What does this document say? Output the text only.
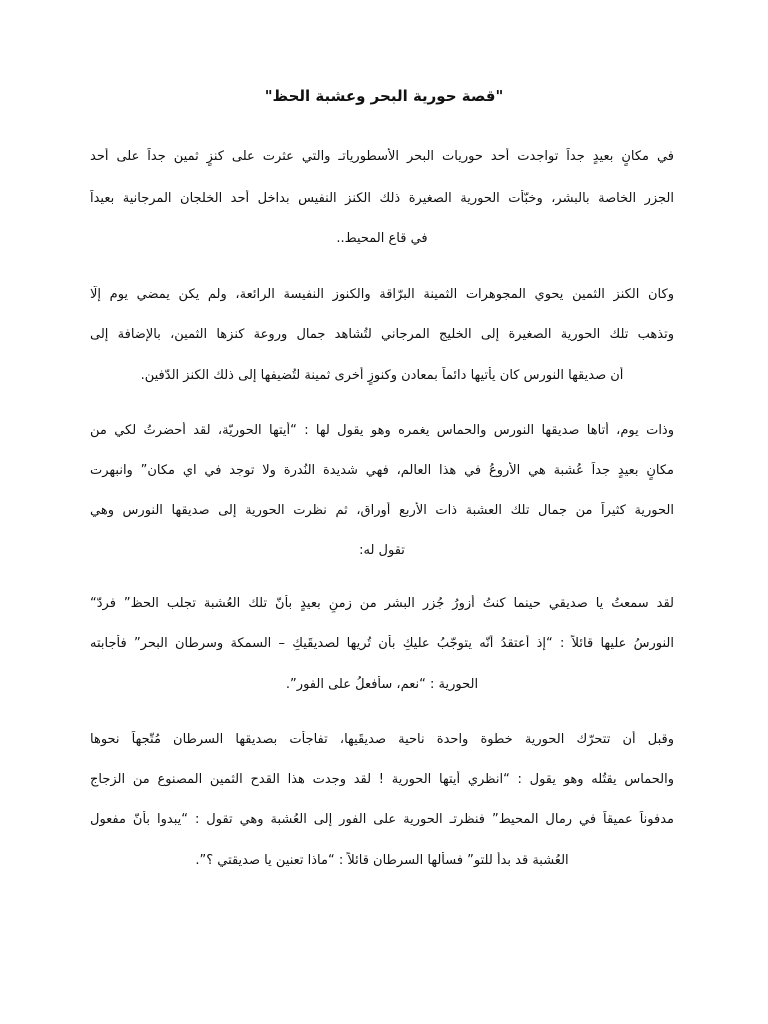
"قصة حورية البحر وعشبة الحظ"
في مكانٍ بعيدٍ جداً تواجدت أحد حوريات البحر الأسطورياتـ والتي عثرت على كنزٍ ثمين جداً على أحد
الجزر الخاصة بالبشر، وخبّأت الحورية الصغيرة ذلك الكنز النفيس بداخل أحد الخلجان المرجانية بعيداً
في قاع المحيط..
وكان الكنز الثمين يحوي المجوهرات الثمينة البرّاقة والكنوز النفيسة الرائعة، ولم يكن يمضي يوم إلّا
وتذهب تلك الحورية الصغيرة إلى الخليج المرجاني لتُشاهد جمال وروعة كنزها الثمين، بالإضافة إلى
أن صديقها النورس كان يأتيها دائماً بمعادن وكنوزٍ أُخرى ثمينة لتُضيفها إلى ذلك الكنز الدّفين.
وذات يوم، أتاها صديقها النورس والحماس يغمره وهو يقول لها : “أيتها الحوريّة، لقد أحضرتُ لكي من
مكانٍ بعيدٍ جداً عُشبة هي الأروعُ في هذا العالم، فهي شديدة النُدرة ولا توجد في اي مكان” وانبهرت
الحورية كثيراً من جمال تلك العشبة ذات الأربع أوراق، ثم نظرت الحورية إلى صديقها النورس وهي
تقول له:
لقد سمعتُ يا صديقي حينما كنتُ أزورُ جُزر البشر من زمنٍ بعيدٍ بأنّ تلك العُشبة تجلب الحظ” فردّ“
النورسُ عليها قائلاً : “إذ أعتقدُ أنّه يتوجّبُ عليكِ بأن تُريها لصديقَيكِ – السمكة وسرطان البحر” فأجابته
الحورية : “نعم، سأفعلُ على الفور”.
وقبل أن تتحرّك الحورية خطوة واحدة ناحية صديقَيها، تفاجأت بصديقها السرطان مُتّجهاً نحوها
والحماس يقتُله وهو يقول : “انظري أيتها الحورية ! لقد وجدت هذا القدح الثمين المصنوع من الزجاج
مدفوناً عميقاً في رمال المحيط” فنظرتـ الحورية على الفور إلى العُشبة وهي تقول : “يبدوا بأنّ مفعول
العُشبة قد بدأ للتو” فسألها السرطان قائلاً : “ماذا تعنين يا صديقتي ؟”.
